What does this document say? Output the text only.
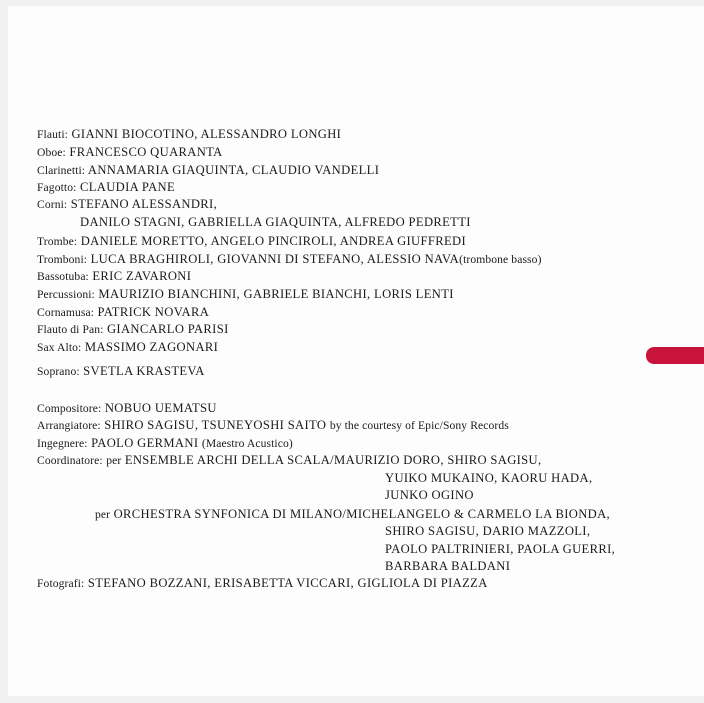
Flauti: GIANNI BIOCOTINO, ALESSANDRO LONGHI
Oboe: FRANCESCO QUARANTA
Clarinetti: ANNAMARIA GIAQUINTA, CLAUDIO VANDELLI
Fagotto: CLAUDIA PANE
Corni: STEFANO ALESSANDRI,
DANILO STAGNI, GABRIELLA GIAQUINTA, ALFREDO PEDRETTI
Trombe: DANIELE MORETTO, ANGELO PINCIROLI, ANDREA GIUFFREDI
Tromboni: LUCA BRAGHIROLI, GIOVANNI DI STEFANO, ALESSIO NAVA(trombone basso)
Bassotuba: ERIC ZAVARONI
Percussioni: MAURIZIO BIANCHINI, GABRIELE BIANCHI, LORIS LENTI
Cornamusa: PATRICK NOVARA
Flauto di Pan: GIANCARLO PARISI
Sax Alto: MASSIMO ZAGONARI
Soprano: SVETLA KRASTEVA
Compositore: NOBUO UEMATSU
Arrangiatore: SHIRO SAGISU, TSUNEYOSHI SAITO by the courtesy of Epic/Sony Records
Ingegnere: PAOLO GERMANI (Maestro Acustico)
Coordinatore: per ENSEMBLE ARCHI DELLA SCALA/MAURIZIO DORO, SHIRO SAGISU,
YUIKO MUKAINO, KAORU HADA,
JUNKO OGINO
per ORCHESTRA SYNFONICA DI MILANO/MICHELANGELO & CARMELO LA BIONDA,
SHIRO SAGISU, DARIO MAZZOLI,
PAOLO PALTRINIERI, PAOLA GUERRI,
BARBARA BALDANI
Fotografi: STEFANO BOZZANI, ERISABETTA VICCARI, GIGLIOLA DI PIAZZA
